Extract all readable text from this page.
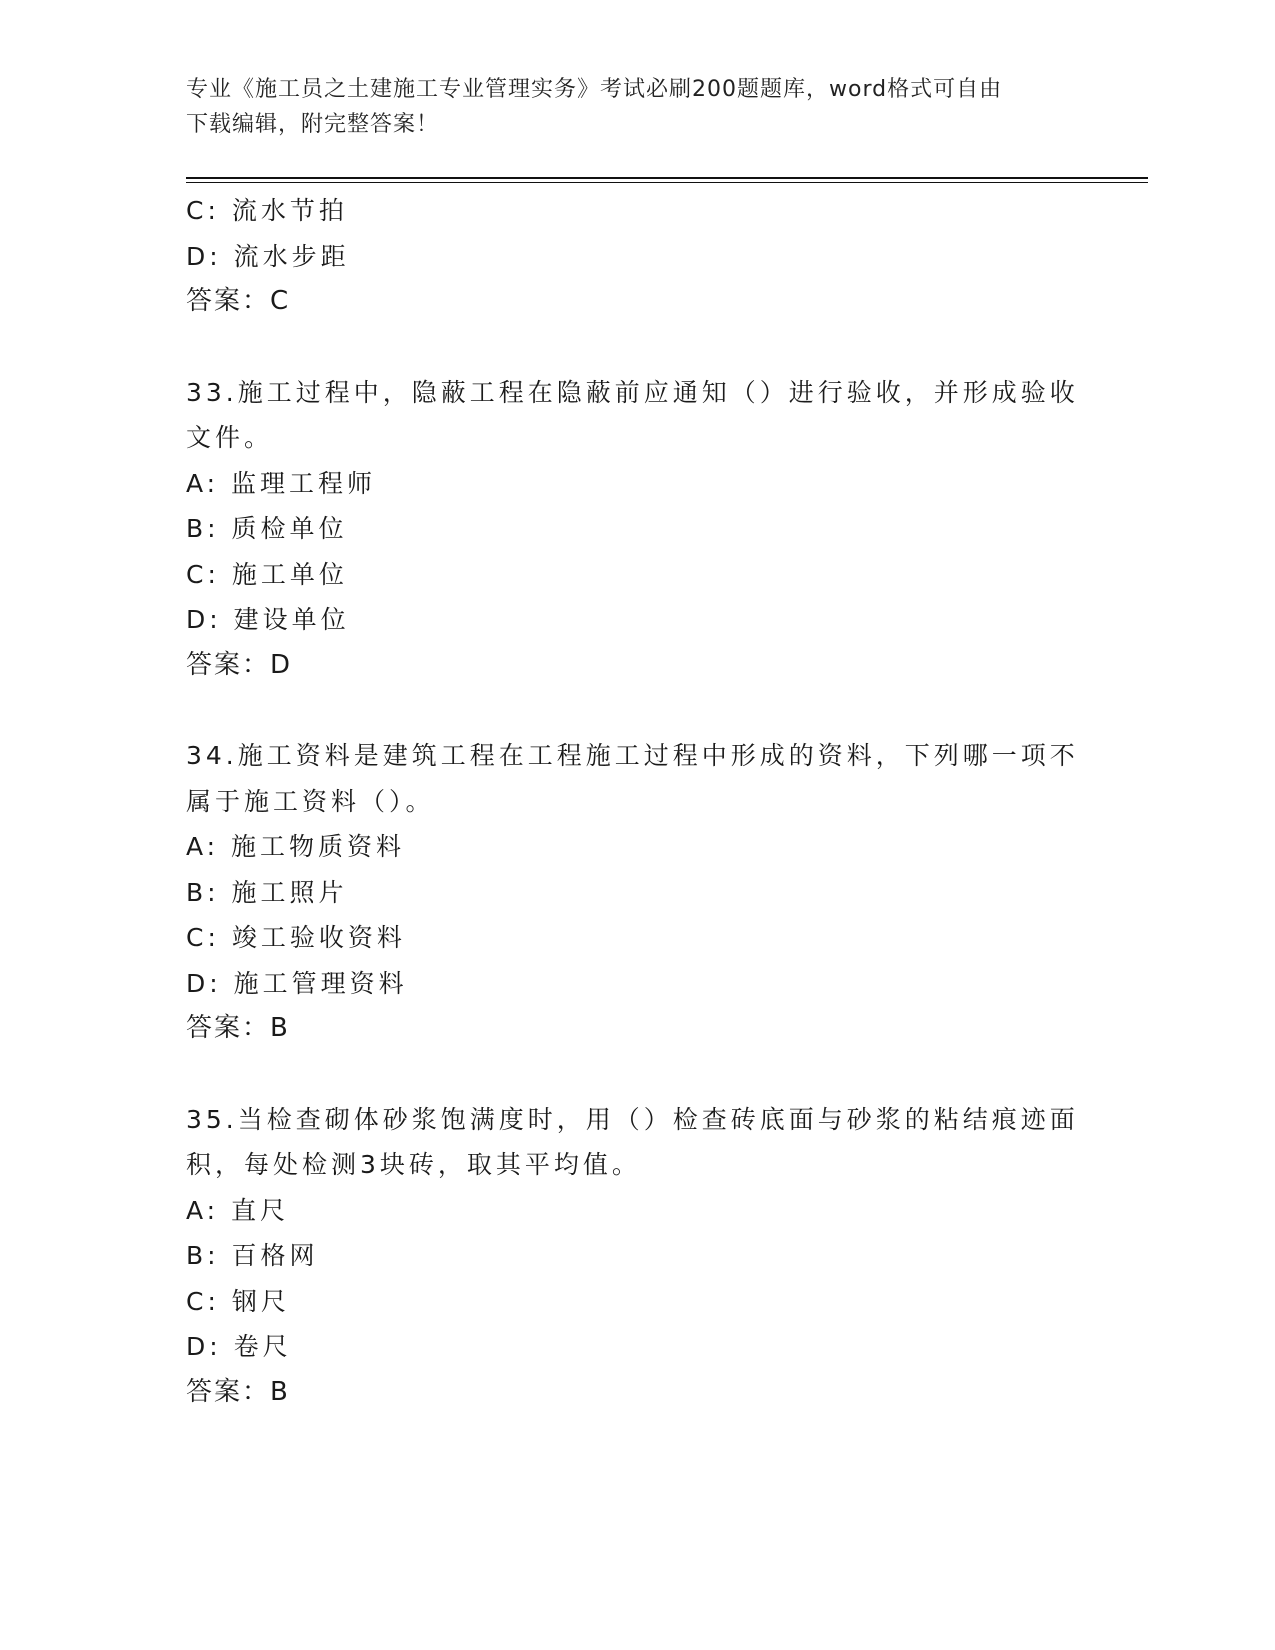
专业《施工员之土建施工专业管理实务》考试必刷200题题库，word格式可自由
下载编辑，附完整答案！
C: 流水节拍
D: 流水步距
答案：C
33.施工过程中，隐蔽工程在隐蔽前应通知（）进行验收，并形成验收
文件。
A: 监理工程师
B: 质检单位
C: 施工单位
D: 建设单位
答案：D
34.施工资料是建筑工程在工程施工过程中形成的资料，下列哪一项不
属于施工资料（）。
A: 施工物质资料
B: 施工照片
C: 竣工验收资料
D: 施工管理资料
答案：B
35.当检查砌体砂浆饱满度时，用（）检查砖底面与砂浆的粘结痕迹面
积，每处检测3块砖，取其平均值。
A: 直尺
B: 百格网
C: 钢尺
D: 卷尺
答案：B
